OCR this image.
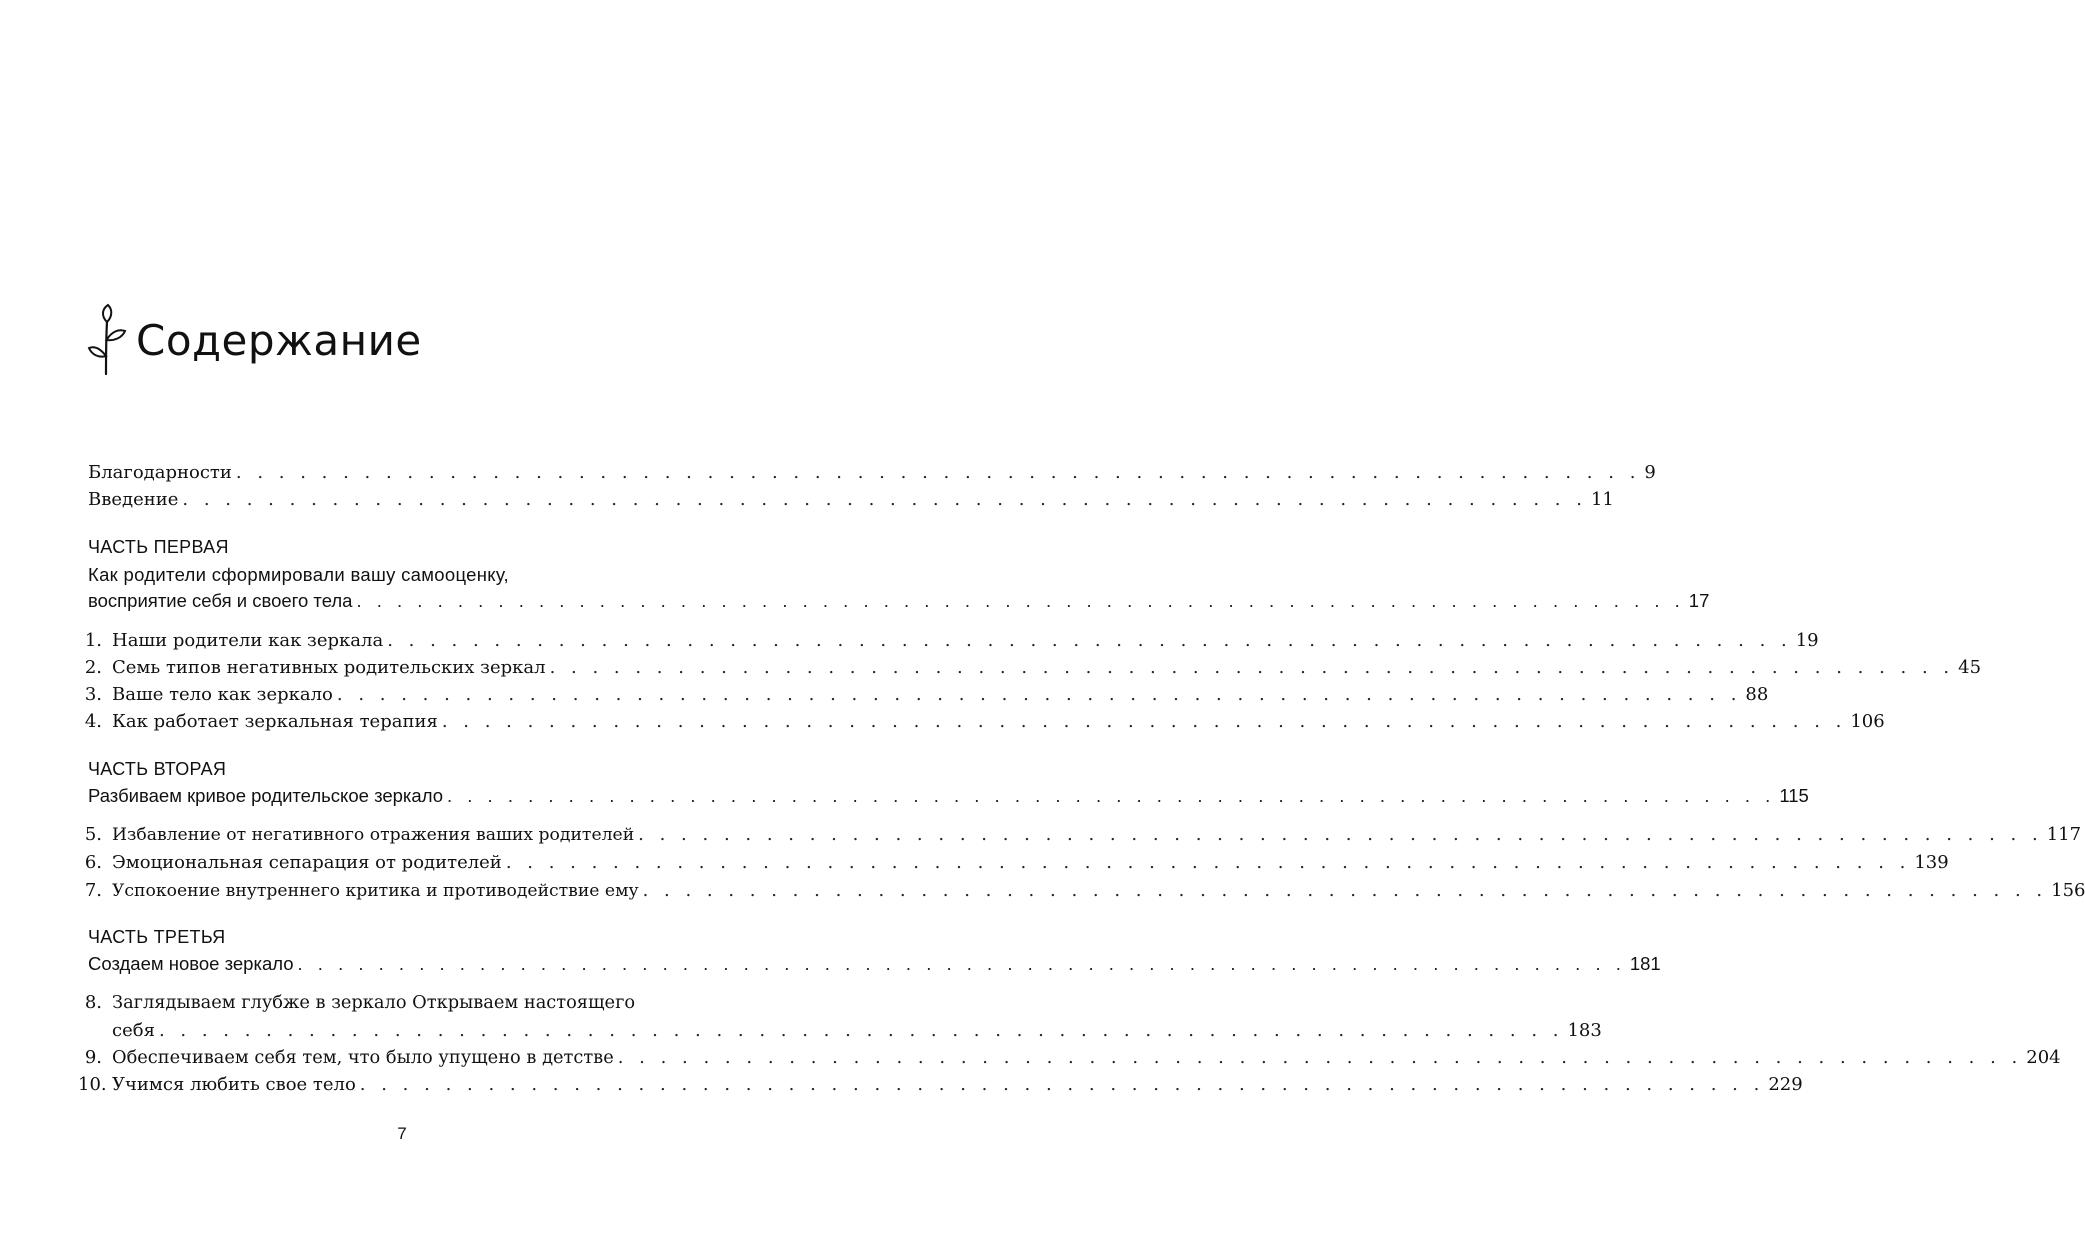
Содержание
Благодарности . . . . . . . . . . . . . . . . . . . . . . . . . . . . . . . . . . . . . . . . . . . . . . . . . . . . . . . . . . . . . . . . . . 9
Введение . . . . . . . . . . . . . . . . . . . . . . . . . . . . . . . . . . . . . . . . . . . . . . . . . . . . . . . . . . . . . . . . . . 11
ЧАСТЬ ПЕРВАЯ
Как родители сформировали вашу самооценку,
восприятие себя и своего тела . . . . . . . . . . . . . . . . . . . . . . . . . . . . . . . . . . . . . . . . . . . . . . . . . . . . . . . . . . . . . . . . . . 17
1. Наши родители как зеркала . . . . . . . . . . . . . . . . . . . . . . . . . . . . . . . . . . . . . . . . . . . . . . . . . . . . . . . . . . . . . . . . . . 19
2. Семь типов негативных родительских зеркал . . . . . . . . . . . . . . . . . . . . . . . . . . . . . . . . . . . . . . . . . . . . . . . . . . . . . . . . . . . . . . . . . . 45
3. Ваше тело как зеркало . . . . . . . . . . . . . . . . . . . . . . . . . . . . . . . . . . . . . . . . . . . . . . . . . . . . . . . . . . . . . . . . . . 88
4. Как работает зеркальная терапия . . . . . . . . . . . . . . . . . . . . . . . . . . . . . . . . . . . . . . . . . . . . . . . . . . . . . . . . . . . . . . . . . . 106
ЧАСТЬ ВТОРАЯ
Разбиваем кривое родительское зеркало . . . . . . . . . . . . . . . . . . . . . . . . . . . . . . . . . . . . . . . . . . . . . . . . . . . . . . . . . . . . . . . . . . 115
5. Избавление от негативного отражения ваших родителей . . . . . . . . . . . . . . . . . . . . . . . . . . . . . . . . . . . . . . . . . . . . . . . . . . . . . . . . . . . . . . . . . . 117
6. Эмоциональная сепарация от родителей . . . . . . . . . . . . . . . . . . . . . . . . . . . . . . . . . . . . . . . . . . . . . . . . . . . . . . . . . . . . . . . . . . 139
7. Успокоение внутреннего критика и противодействие ему . . . . . . . . . . . . . . . . . . . . . . . . . . . . . . . . . . . . . . . . . . . . . . . . . . . . . . . . . . . . . . . . . . 156
ЧАСТЬ ТРЕТЬЯ
Создаем новое зеркало . . . . . . . . . . . . . . . . . . . . . . . . . . . . . . . . . . . . . . . . . . . . . . . . . . . . . . . . . . . . . . . . . . 181
8. Заглядываем глубже в зеркало Открываем настоящего
себя . . . . . . . . . . . . . . . . . . . . . . . . . . . . . . . . . . . . . . . . . . . . . . . . . . . . . . . . . . . . . . . . . . 183
9. Обеспечиваем себя тем, что было упущено в детстве . . . . . . . . . . . . . . . . . . . . . . . . . . . . . . . . . . . . . . . . . . . . . . . . . . . . . . . . . . . . . . . . . . 204
10. Учимся любить свое тело . . . . . . . . . . . . . . . . . . . . . . . . . . . . . . . . . . . . . . . . . . . . . . . . . . . . . . . . . . . . . . . . . . 229
7
